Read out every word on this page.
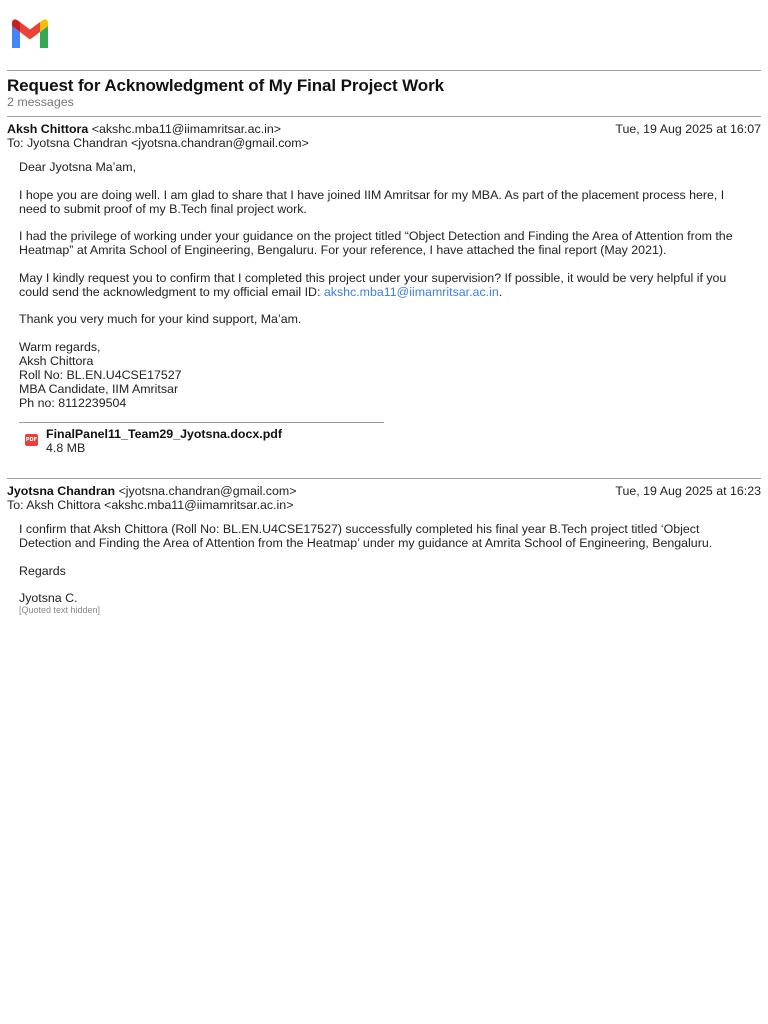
Request for Acknowledgment of My Final Project Work
2 messages
Aksh Chittora <akshc.mba11@iimamritsar.ac.in>	Tue, 19 Aug 2025 at 16:07
To: Jyotsna Chandran <jyotsna.chandran@gmail.com>

Dear Jyotsna Ma’am,

I hope you are doing well. I am glad to share that I have joined IIM Amritsar for my MBA. As part of the placement process here, I need to submit proof of my B.Tech final project work.

I had the privilege of working under your guidance on the project titled “Object Detection and Finding the Area of Attention from the Heatmap” at Amrita School of Engineering, Bengaluru. For your reference, I have attached the final report (May 2021).

May I kindly request you to confirm that I completed this project under your supervision? If possible, it would be very helpful if you could send the acknowledgment to my official email ID: akshc.mba11@iimamritsar.ac.in.

Thank you very much for your kind support, Ma’am.

Warm regards,
Aksh Chittora
Roll No: BL.EN.U4CSE17527
MBA Candidate, IIM Amritsar
Ph no: 8112239504
PDF FinalPanel11_Team29_Jyotsna.docx.pdf
4.8 MB
Jyotsna Chandran <jyotsna.chandran@gmail.com>	Tue, 19 Aug 2025 at 16:23
To: Aksh Chittora <akshc.mba11@iimamritsar.ac.in>

I confirm that Aksh Chittora (Roll No: BL.EN.U4CSE17527) successfully completed his final year B.Tech project titled ‘Object Detection and Finding the Area of Attention from the Heatmap’ under my guidance at Amrita School of Engineering, Bengaluru.

Regards

Jyotsna C.
[Quoted text hidden]
